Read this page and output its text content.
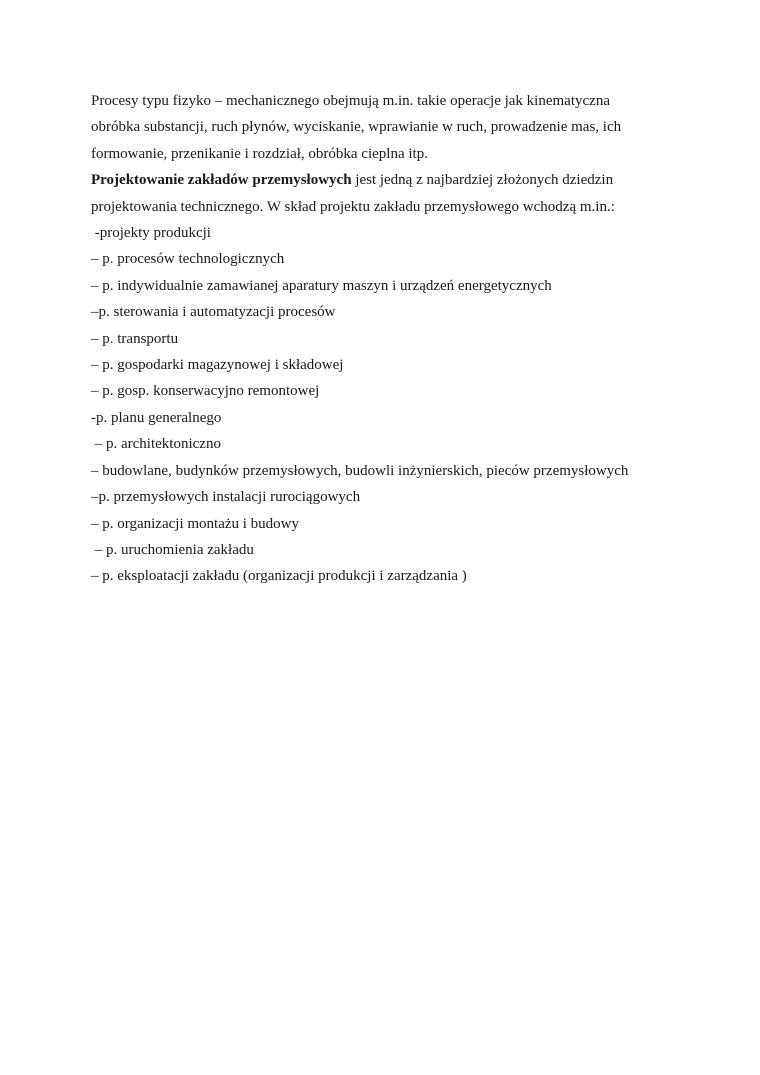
Procesy typu fizyko – mechanicznego obejmują m.in. takie operacje jak kinematyczna
obróbka substancji, ruch płynów, wyciskanie, wprawianie w ruch, prowadzenie mas, ich
formowanie, przenikanie i rozdział, obróbka cieplna itp.
Projektowanie zakładów przemysłowych jest jedną z najbardziej złożonych dziedzin
projektowania technicznego. W skład projektu zakładu przemysłowego wchodzą m.in.:
-projekty produkcji
– p. procesów technologicznych
– p. indywidualnie zamawianej aparatury maszyn i urządzeń energetycznych
–p. sterowania i automatyzacji procesów
– p. transportu
– p. gospodarki magazynowej i składowej
– p. gosp. konserwacyjno remontowej
-p. planu generalnego
– p. architektoniczno
– budowlane, budynków przemysłowych, budowli inżynierskich, pieców przemysłowych
–p. przemysłowych instalacji rurociągowych
– p. organizacji montażu i budowy
– p. uruchomienia zakładu
– p. eksploatacji zakładu (organizacji produkcji i zarządzania )
